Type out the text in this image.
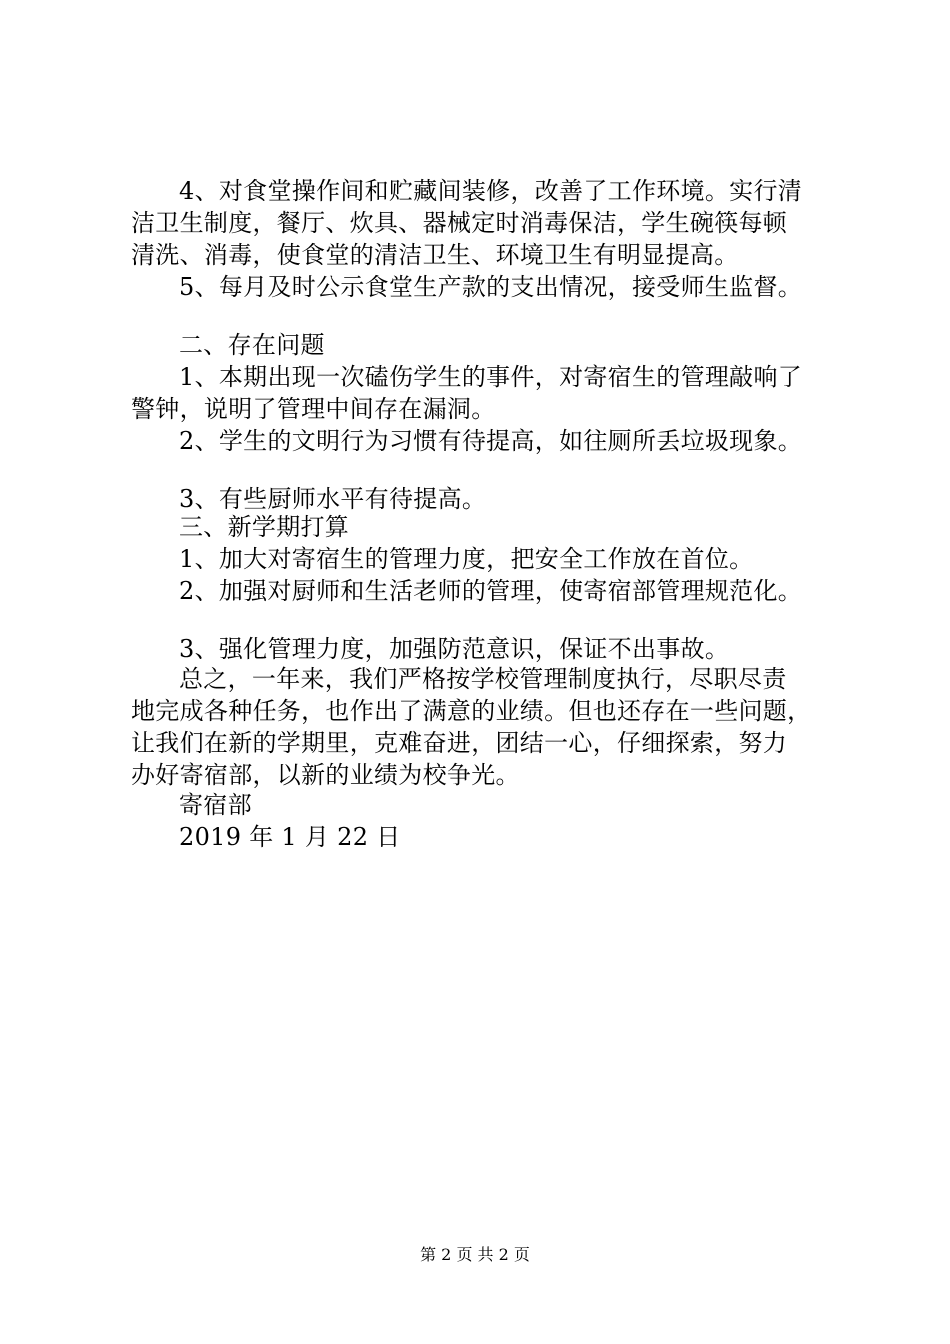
4、对食堂操作间和贮藏间装修，改善了工作环境。实行清
洁卫生制度，餐厅、炊具、器械定时消毒保洁，学生碗筷每顿
清洗、消毒，使食堂的清洁卫生、环境卫生有明显提高。
5、每月及时公示食堂生产款的支出情况，接受师生监督。
二、存在问题
1、本期出现一次磕伤学生的事件，对寄宿生的管理敲响了
警钟，说明了管理中间存在漏洞。
2、学生的文明行为习惯有待提高，如往厕所丢垃圾现象。
3、有些厨师水平有待提高。
三、新学期打算
1、加大对寄宿生的管理力度，把安全工作放在首位。
2、加强对厨师和生活老师的管理，使寄宿部管理规范化。
3、强化管理力度，加强防范意识，保证不出事故。
总之，一年来，我们严格按学校管理制度执行，尽职尽责
地完成各种任务，也作出了满意的业绩。但也还存在一些问题，
让我们在新的学期里，克难奋进，团结一心，仔细探索，努力
办好寄宿部，以新的业绩为校争光。
寄宿部
2019 年 1 月 22 日
第 2 页 共 2 页
